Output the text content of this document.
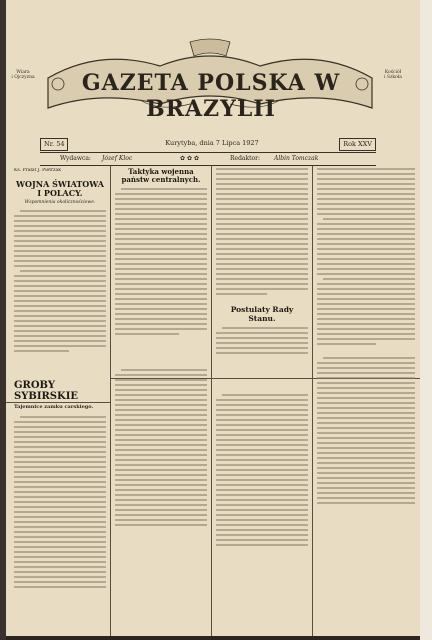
Wiara
i Ojczyzna
Kościół
i Szkoła
GAZETA POLSKA W BRAZYLII
Nr. 54	Kurytyba, dnia 7 Lipca 1927	Rok XXV
Wydawca: Józef Kloc	✿✿✿	Redaktor: Albin Tomczak
Ks. Prałat J. Pietrzak
WOJNA ŚWIATOWA I POLACY.
Wspomnienia okolicznościowe.
GROBY SYBIRSKIE
Tajemnice zamku carskiego.
Taktyka wojenna państw centralnych.
Postulaty Rady Stanu.
